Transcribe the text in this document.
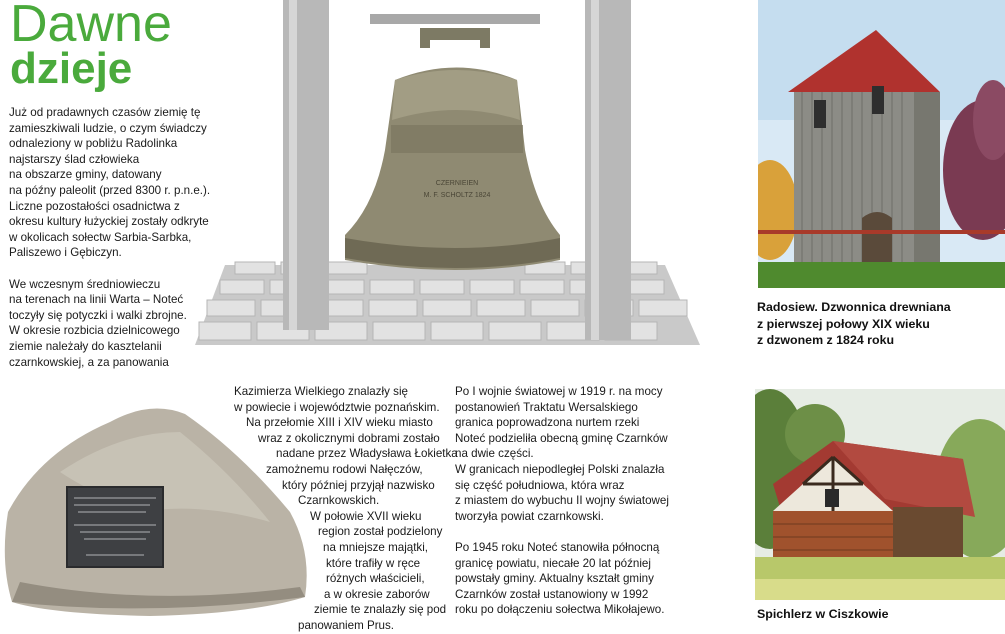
Dawne
dzieje
CZERNIEIEN
M. F. SCHOLTZ 1824
Już od pradawnych czasów ziemię tę
zamieszkiwali ludzie, o czym świadczy
odnaleziony w pobliżu Radolinka
najstarszy ślad człowieka
na obszarze gminy, datowany
na późny paleolit (przed 8300 r. p.n.e.).
Liczne pozostałości osadnictwa z
okresu kultury łużyckiej zostały odkryte
w okolicach sołectw Sarbia-Sarbka,
Paliszewo i Gębiczyn.

We wczesnym średniowieczu
na terenach na linii Warta – Noteć
toczyły się potyczki i walki zbrojne.
W okresie rozbicia dzielnicowego
ziemie należały do kasztelanii
czarnkowskiej, a za panowania
Kazimierza Wielkiego znalazły się
w powiecie i województwie poznańskim.
Na przełomie XIII i XIV wieku miasto
wraz z okolicznymi dobrami zostało
nadane przez Władysława Łokietka
zamożnemu rodowi Nałęczów,
który później przyjął nazwisko
Czarnkowskich.
W połowie XVII wieku
region został podzielony
na mniejsze majątki,
które trafiły w ręce
różnych właścicieli,
a w okresie zaborów
ziemie te znalazły się pod
panowaniem Prus.
Po I wojnie światowej w 1919 r. na mocy
postanowień Traktatu Wersalskiego
granica poprowadzona nurtem rzeki
Noteć podzieliła obecną gminę Czarnków
na dwie części.
W granicach niepodległej Polski znalazła
się część południowa, która wraz
z miastem do wybuchu II wojny światowej
tworzyła powiat czarnkowski.

Po 1945 roku Noteć stanowiła północną
granicę powiatu, niecałe 20 lat później
powstały gminy. Aktualny kształt gminy
Czarnków został ustanowiony w 1992
roku po dołączeniu sołectwa Mikołajewo.
Radosiew. Dzwonnica drewniana
z pierwszej połowy XIX wieku
z dzwonem z 1824 roku
Spichlerz w Ciszkowie
